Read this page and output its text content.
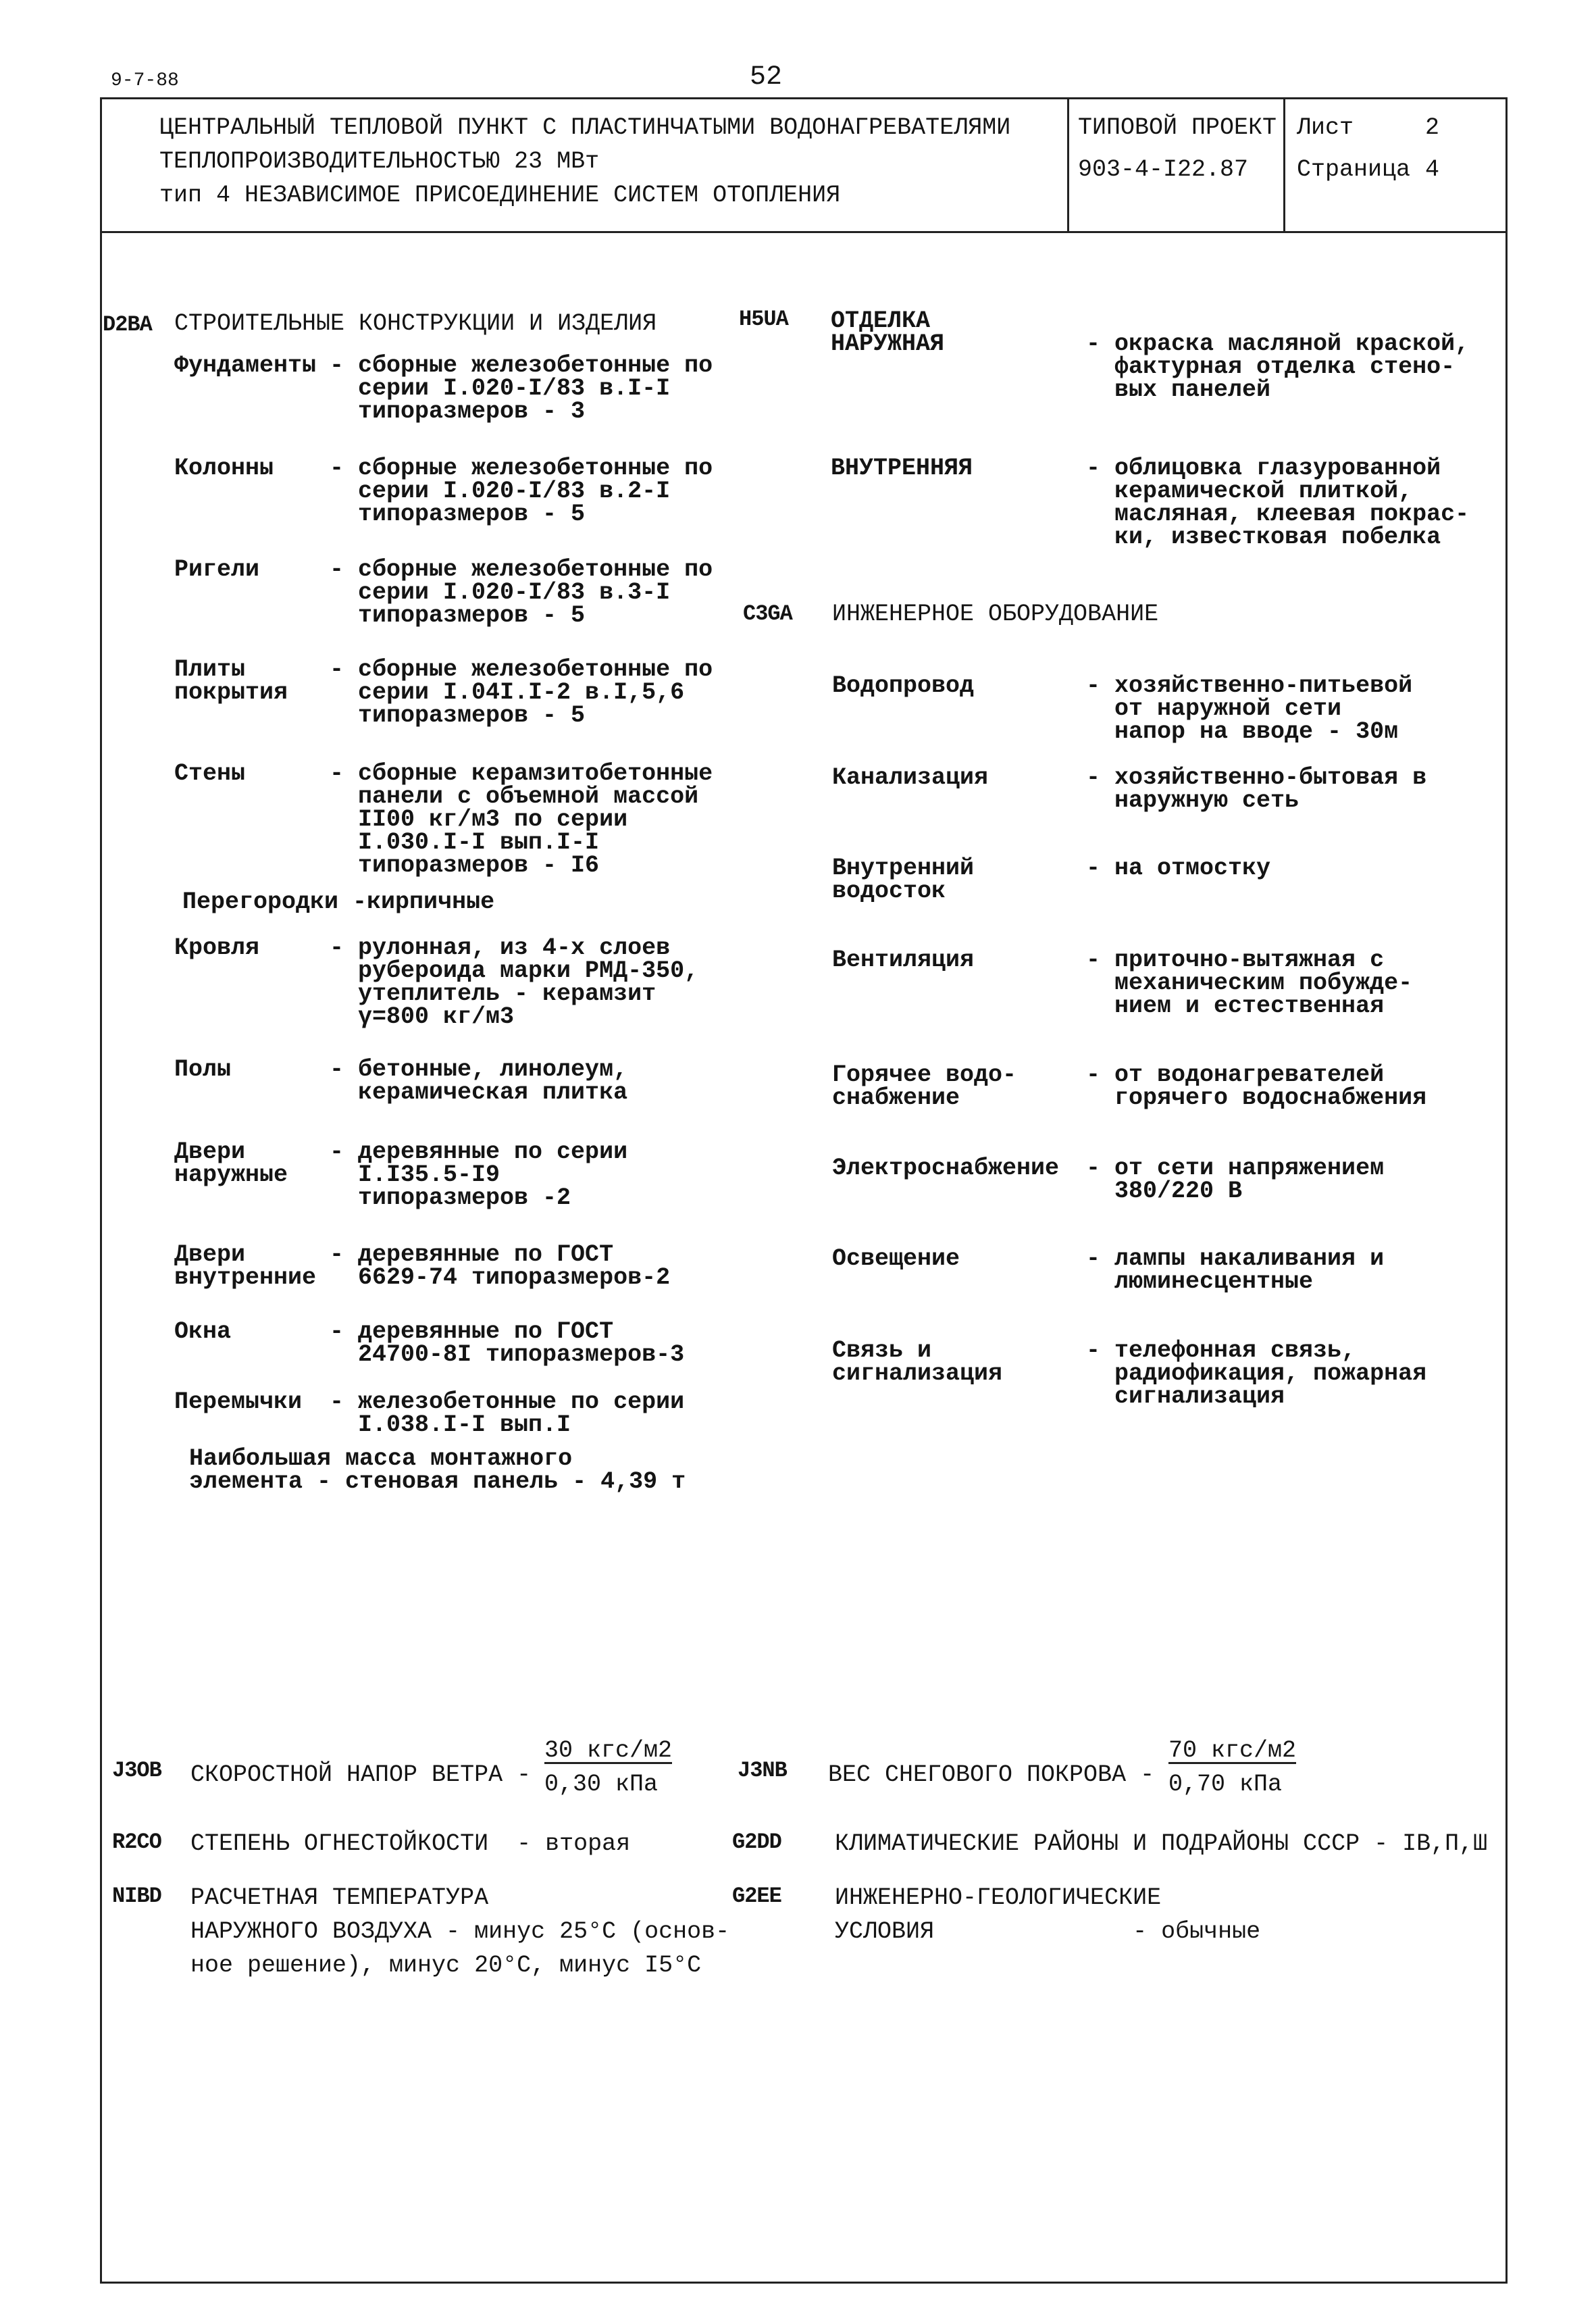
9-7-88	52
ЦЕНТРАЛЬНЫЙ ТЕПЛОВОЙ ПУНКТ С ПЛАСТИНЧАТЫМИ ВОДОНАГРЕВАТЕЛЯМИ
ТЕПЛОПРОИЗВОДИТЕЛЬНОСТЬЮ 23 МВт
тип 4 НЕЗАВИСИМОЕ ПРИСОЕДИНЕНИЕ СИСТЕМ ОТОПЛЕНИЯ
ТИПОВОЙ ПРОЕКТ
903-4-I22.87
Лист	2
Страница 4
D2BA СТРОИТЕЛЬНЫЕ КОНСТРУКЦИИ И ИЗДЕЛИЯ
Фундаменты - сборные железобетонные по
серии I.020-I/83 в.I-I
типоразмеров - 3
Колонны - сборные железобетонные по
серии I.020-I/83 в.2-I
типоразмеров - 5
Ригели	- сборные железобетонные по
серии I.020-I/83 в.3-I
типоразмеров - 5
Плиты
покрытия
- сборные железобетонные по
серии I.04I.I-2 в.I,5,6
типоразмеров - 5
Стены	- сборные керамзитобетонные
панели с объемной массой
II00 кг/м3 по серии
I.030.I-I вып.I-I
типоразмеров - I6
Кровля	- рулонная, из 4-х слоев
рубероида марки РМД-350,
утеплитель - керамзит
γ=800 кг/м3
Полы	- бетонные, линолеум,
керамическая плитка
Двери
наружные
- деревянные по серии
I.I35.5-I9
типоразмеров -2
Двери
внутренние
- деревянные по ГОСТ
6629-74 типоразмеров-2
Окна	- деревянные по ГОСТ
24700-8I типоразмеров-3
Перемычки - железобетонные по серии
I.038.I-I вып.I
Перегородки -кирпичные
Наибольшая масса монтажного
элемента - стеновая панель - 4,39 т
H5UA ОТДЕЛКА
НАРУЖНАЯ	- окраска масляной краской,
фактурная отделка стено-
вых панелей
ВНУТРЕННЯЯ	- облицовка глазурованной
керамической плиткой,
масляная, клеевая покрас-
ки, известковая побелка
C3GA ИНЖЕНЕРНОЕ ОБОРУДОВАНИЕ
Водопровод	- хозяйственно-питьевой
от наружной сети
напор на вводе - 30м
Канализация	- хозяйственно-бытовая в
наружную сеть
Внутренний
водосток
- на отмостку
Вентиляция	- приточно-вытяжная с
механическим побужде-
нием и естественная
Горячее водо-
снабжение
- от водонагревателей
горячего водоснабжения
Электроснабжение - от сети напряжением
380/220 В
Освещение	- лампы накаливания и
люминесцентные
Связь и
сигнализация
- телефонная связь,
радиофикация, пожарная
сигнализация
J3OB СКОРОСТНОЙ НАПОР ВЕТРА -
30 кгс/м2
0,30 кПа
J3NB ВЕС СНЕГОВОГО ПОКРОВА -
70 кгс/м2
0,70 кПа
R2CO СТЕПЕНЬ ОГНЕСТОЙКОСТИ  - вторая	G2DD КЛИМАТИЧЕСКИЕ РАЙОНЫ И ПОДРАЙОНЫ СССР - IВ,П,Ш
NIBD РАСЧЕТНАЯ ТЕМПЕРАТУРА
НАРУЖНОГО ВОЗДУХА - минус 25°С (основ-
ное решение), минус 20°С, минус I5°С
G2EE ИНЖЕНЕРНО-ГЕОЛОГИЧЕСКИЕ
УСЛОВИЯ              - обычные
